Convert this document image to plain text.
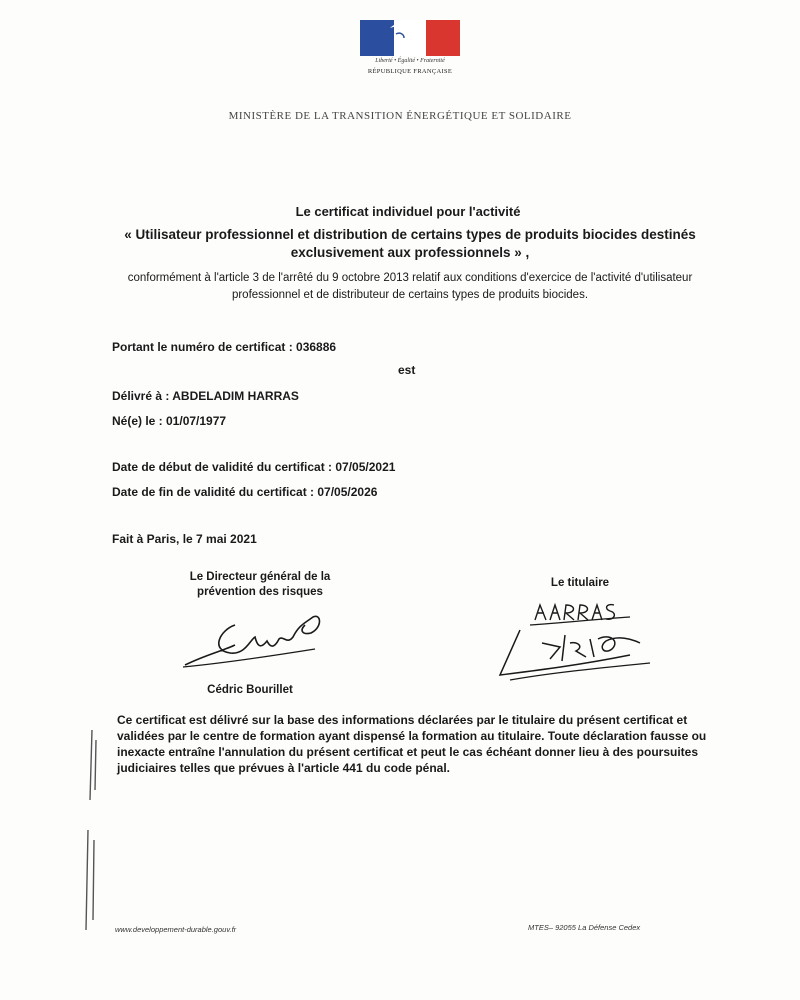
Liberté • Égalité • Fraternité
RÉPUBLIQUE FRANÇAISE
MINISTÈRE DE LA TRANSITION ÉNERGÉTIQUE ET SOLIDAIRE
Le certificat individuel pour l'activité
« Utilisateur professionnel et distribution de certains types de produits biocides destinés exclusivement aux professionnels » ,
conformément à l'article 3 de l'arrêté du 9 octobre 2013 relatif aux conditions d'exercice de l'activité d'utilisateur professionnel et de distributeur de certains types de produits biocides.
Portant le numéro de certificat : 036886
est
Délivré à : ABDELADIM HARRAS
Né(e) le : 01/07/1977
Date de début de validité du certificat : 07/05/2021
Date de fin de validité du certificat : 07/05/2026
Fait à Paris, le 7 mai 2021
Le Directeur général de la
prévention des risques
Cédric Bourillet
Le titulaire
Ce certificat est délivré sur la base des informations déclarées par le titulaire du présent certificat et validées par le centre de formation ayant dispensé la formation au titulaire. Toute déclaration fausse ou inexacte entraîne l'annulation du présent certificat et peut le cas échéant donner lieu à des poursuites judiciaires telles que prévues à l'article 441 du code pénal.
www.developpement-durable.gouv.fr	MTES– 92055 La Défense Cedex
